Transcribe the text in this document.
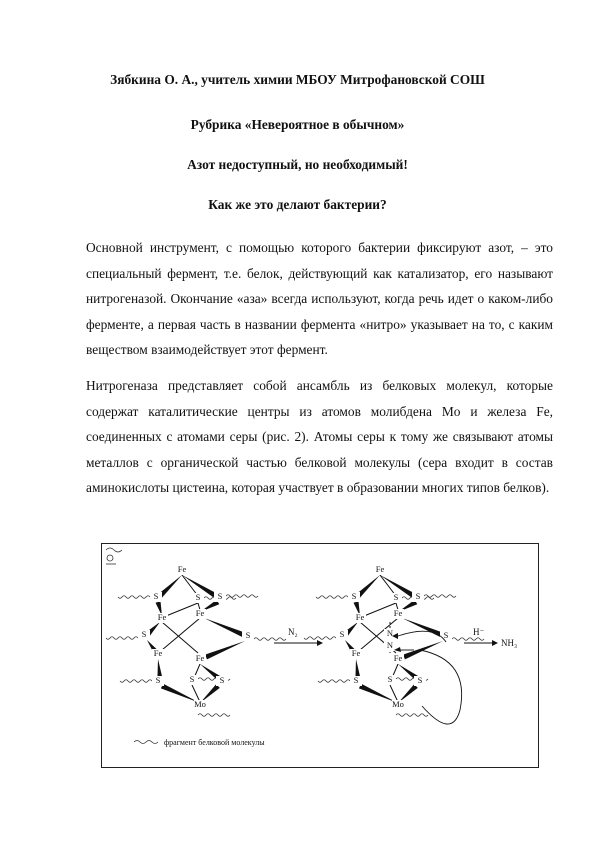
Зябкина О. А., учитель химии МБОУ Митрофановской СОШ
Рубрика «Невероятное в обычном»
Азот недоступный, но необходимый!
Как же это делают бактерии?
Основной инструмент, с помощью которого бактерии фиксируют азот, – это специальный фермент, т.е. белок, действующий как катализатор, его называют нитрогеназой. Окончание «аза» всегда используют, когда речь идет о каком-либо ферменте, а первая часть в названии фермента «нитро» указывает на то, с каким веществом взаимодействует этот фермент.
Нитрогеназа представляет собой ансамбль из белковых молекул, которые содержат каталитические центры из атомов молибдена Mo и железа Fe, соединенных с атомами серы (рис. 2). Атомы серы к тому же связывают атомы металлов с органической частью белковой молекулы (сера входит в состав аминокислоты цистеина, которая участвует в образовании многих типов белков).
Fe
Fe	Fe
Fe	Fe
S	S S
S	S
S	S	S
Mo
N
N
Fe
Fe	Fe
Fe	Fe
S	S S
S	S
S	S	S
Mo
N₂	H⁻
NH₃
фрагмент белковой молекулы
